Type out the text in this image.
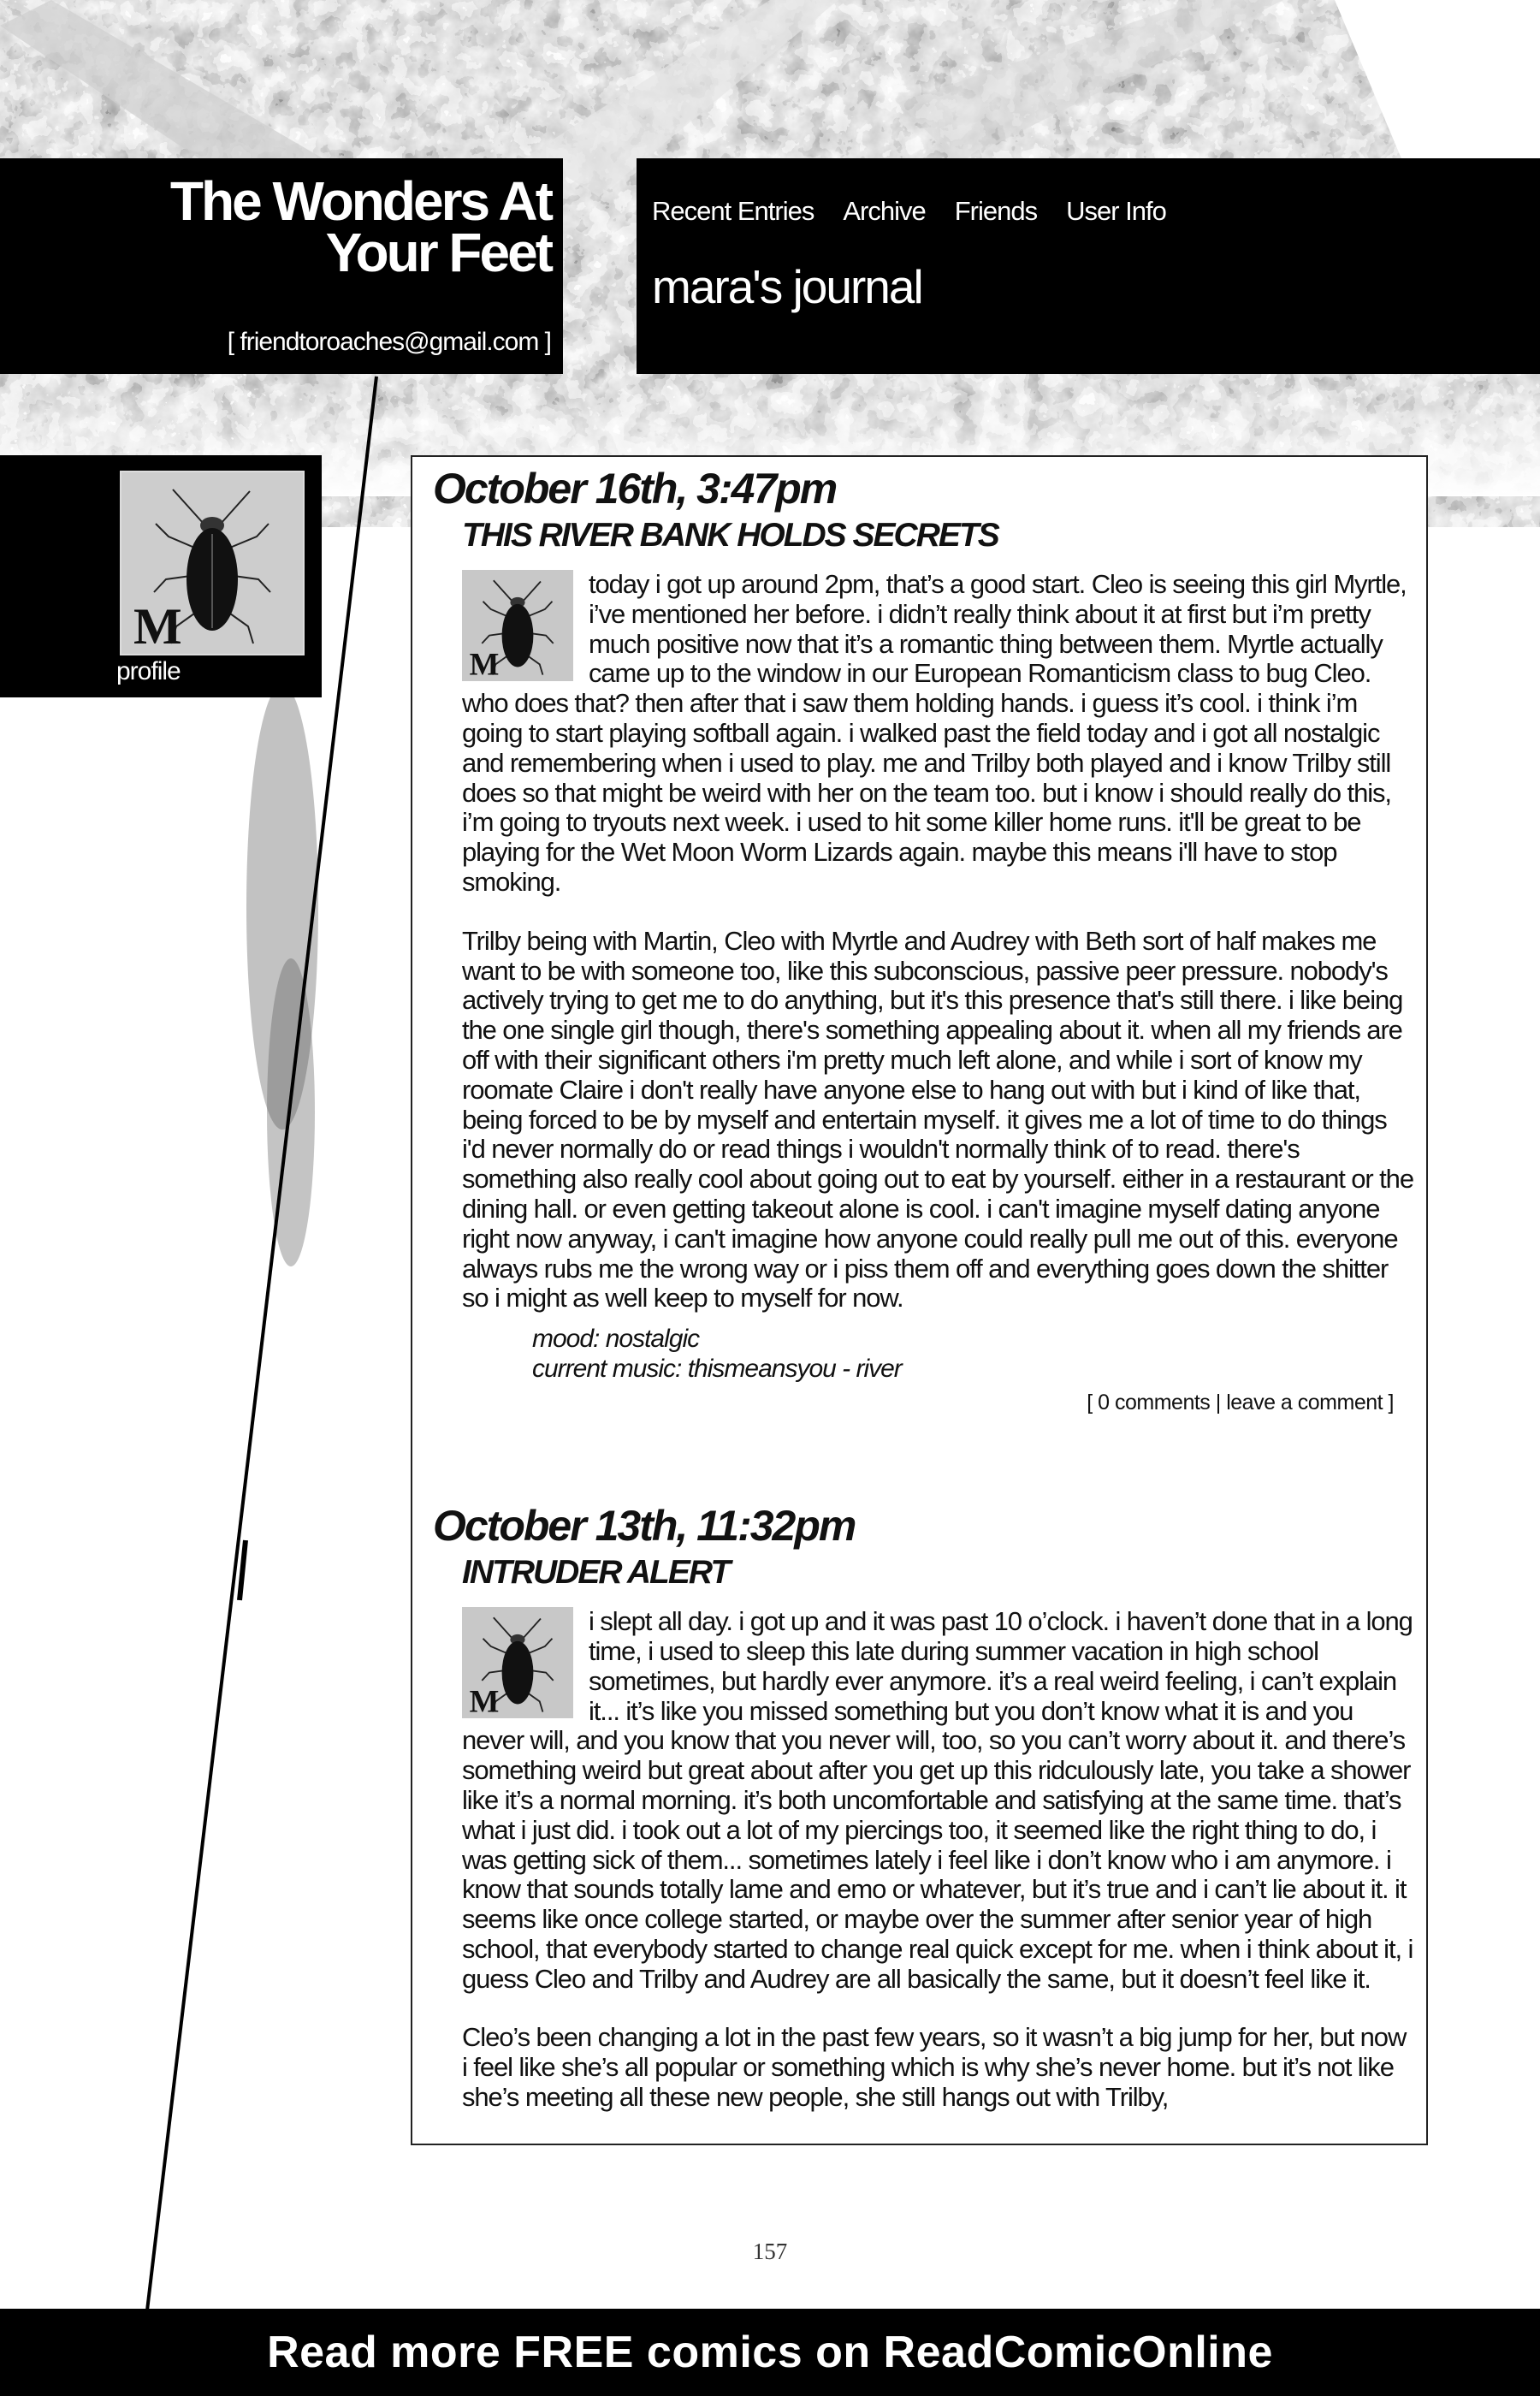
The Wonders At
Your Feet
[ friendtoroaches@gmail.com ]
Recent Entries Archive Friends User Info
mara's journal
M
profile
October 16th, 3:47pm
THIS RIVER BANK HOLDS SECRETS
M

today i got up around 2pm, that’s a good start. Cleo is seeing this girl Myrtle, i’ve mentioned her before. i didn’t really think about it at first but i’m pretty much positive now that it’s a romantic thing between them. Myrtle actually came up to the window in our European Romanticism class to bug Cleo. who does that? then after that i saw them holding hands. i guess it’s cool. i think i’m going to start playing softball again. i walked past the field today and i got all nostalgic and remembering when i used to play. me and Trilby both played and i know Trilby still does so that might be weird with her on the team too. but i know i should really do this, i’m going to tryouts next week. i used to hit some killer home runs. it'll be great to be playing for the Wet Moon Worm Lizards again. maybe this means i'll have to stop smoking.

Trilby being with Martin, Cleo with Myrtle and Audrey with Beth sort of half makes me want to be with someone too, like this subconscious, passive peer pressure. nobody's actively trying to get me to do anything, but it's this presence that's still there. i like being the one single girl though, there's something appealing about it. when all my friends are off with their significant others i'm pretty much left alone, and while i sort of know my roomate Claire i don't really have anyone else to hang out with but i kind of like that, being forced to be by myself and entertain myself. it gives me a lot of time to do things i'd never normally do or read things i wouldn't normally think of to read. there's something also really cool about going out to eat by yourself. either in a restaurant or the dining hall. or even getting takeout alone is cool. i can't imagine myself dating anyone right now anyway, i can't imagine how anyone could really pull me out of this. everyone always rubs me the wrong way or i piss them off and everything goes down the shitter so i might as well keep to myself for now.

mood: nostalgic
current music: thismeansyou - river
[ 0 comments | leave a comment ]
October 13th, 11:32pm
INTRUDER ALERT
M

i slept all day. i got up and it was past 10 o’clock. i haven’t done that in a long time, i used to sleep this late during summer vacation in high school sometimes, but hardly ever anymore. it’s a real weird feeling, i can’t explain it... it’s like you missed something but you don’t know what it is and you never will, and you know that you never will, too, so you can’t worry about it. and there’s something weird but great about after you get up this ridculously late, you take a shower like it’s a normal morning. it’s both uncomfortable and satisfying at the same time. that’s what i just did. i took out a lot of my piercings too, it seemed like the right thing to do, i was getting sick of them... sometimes lately i feel like i don’t know who i am anymore. i know that sounds totally lame and emo or whatever, but it’s true and i can’t lie about it. it seems like once college started, or maybe over the summer after senior year of high school, that everybody started to change real quick except for me. when i think about it, i guess Cleo and Trilby and Audrey are all basically the same, but it doesn’t feel like it.

Cleo’s been changing a lot in the past few years, so it wasn’t a big jump for her, but now i feel like she’s all popular or something which is why she’s never home. but it’s not like she’s meeting all these new people, she still hangs out with Trilby,

157
Read more FREE comics on ReadComicOnline
